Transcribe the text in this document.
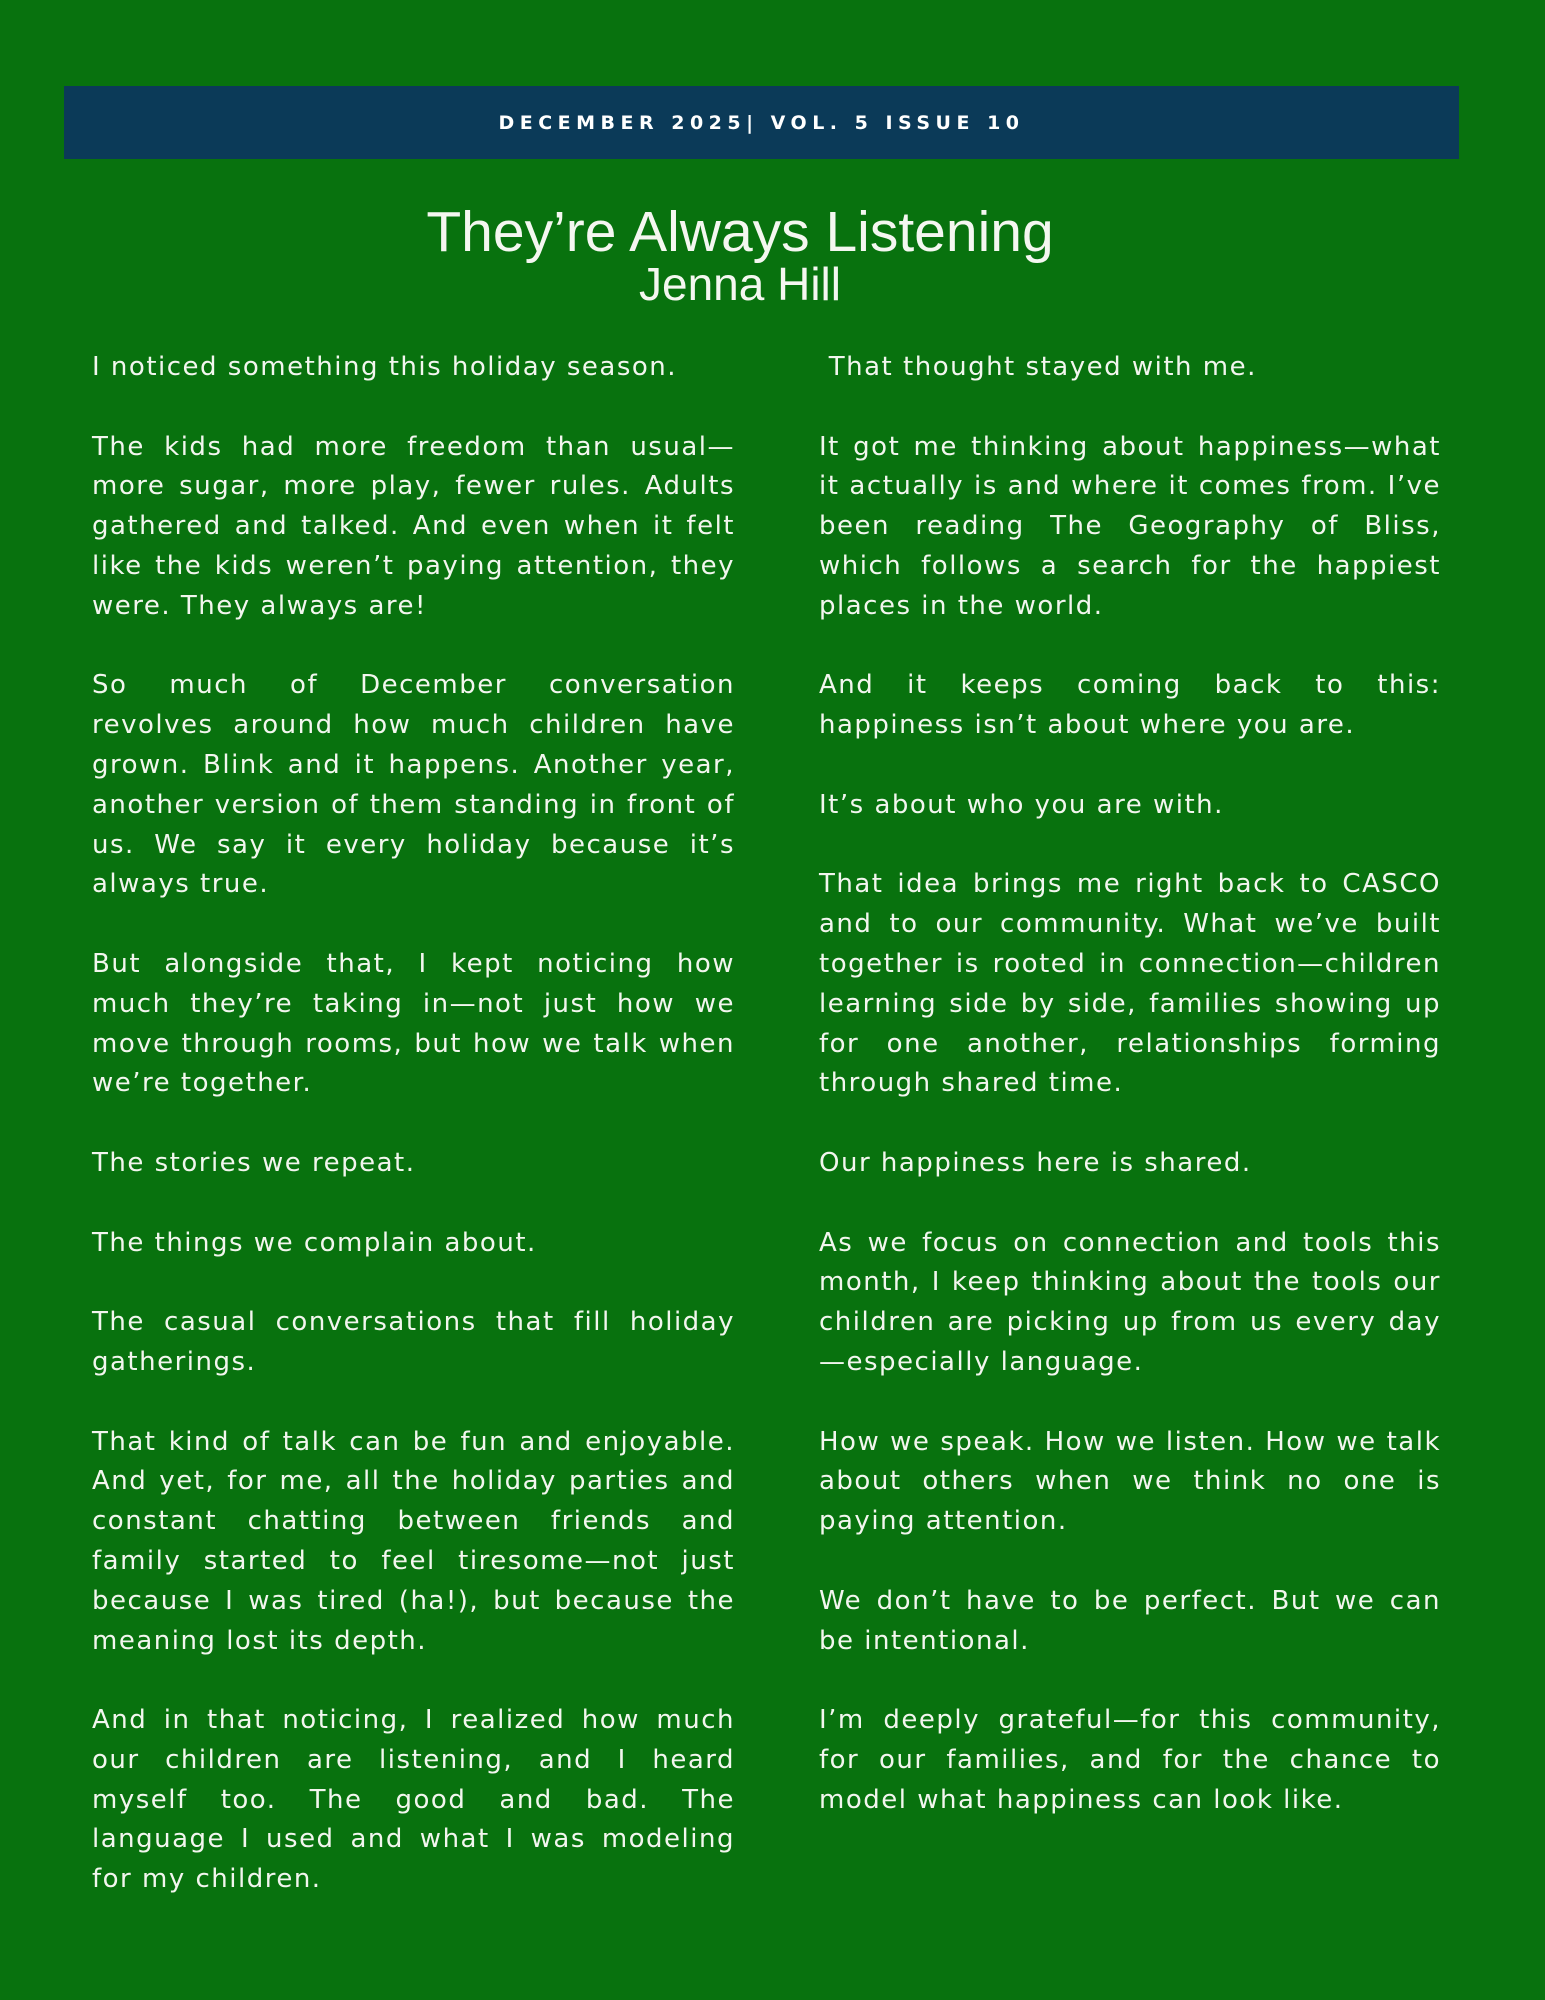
DECEMBER 2025| VOL. 5 ISSUE 10
They’re Always Listening
Jenna Hill

I noticed something this holiday season.

The kids had more freedom than usual—more sugar, more play, fewer rules. Adults gathered and talked. And even when it felt like the kids weren’t paying attention, they were. They always are!

So much of December conversation revolves around how much children have grown. Blink and it happens. Another year, another version of them standing in front of us. We say it every holiday because it’s always true.

But alongside that, I kept noticing how much they’re taking in—not just how we move through rooms, but how we talk when we’re together.

The stories we repeat.

The things we complain about.

The casual conversations that fill holiday gatherings.

That kind of talk can be fun and enjoyable. And yet, for me, all the holiday parties and constant chatting between friends and family started to feel tiresome—not just because I was tired (ha!), but because the meaning lost its depth.

And in that noticing, I realized how much our children are listening, and I heard myself too. The good and bad. The language I used and what I was modeling for my children.

That thought stayed with me.

It got me thinking about happiness—what it actually is and where it comes from. I’ve been reading The Geography of Bliss, which follows a search for the happiest places in the world.

And it keeps coming back to this: happiness isn’t about where you are.

It’s about who you are with.

That idea brings me right back to CASCO and to our community. What we’ve built together is rooted in connection—children learning side by side, families showing up for one another, relationships forming through shared time.

Our happiness here is shared.

As we focus on connection and tools this month, I keep thinking about the tools our children are picking up from us every day—especially language.

How we speak. How we listen. How we talk about others when we think no one is paying attention.

We don’t have to be perfect. But we can be intentional.

I’m deeply grateful—for this community, for our families, and for the chance to model what happiness can look like.
